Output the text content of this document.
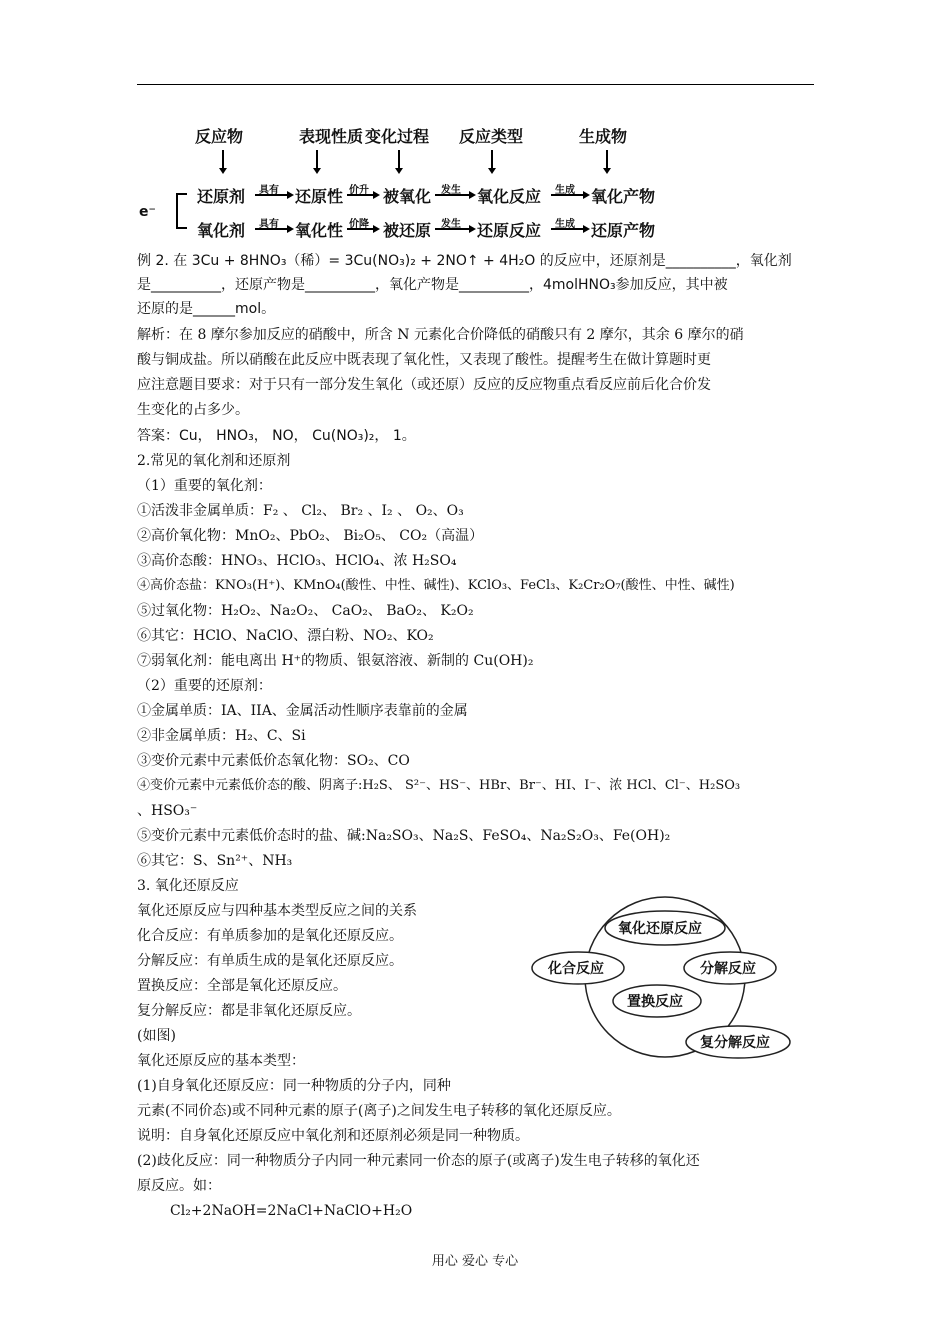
反应物	表现性质 变化过程 反应类型	生成物
e⁻
还原剂 具有 还原性 价升 被氧化 发生 氧化反应 生成 氧化产物
氧化剂 具有 氧化性 价降 被还原 发生 还原反应 生成 还原产物
例 2. 在 3Cu + 8HNO₃（稀）= 3Cu(NO₃)₂ + 2NO↑ + 4H₂O 的反应中，还原剂是__________，氧化剂
是__________，还原产物是__________，氧化产物是__________，4molHNO₃参加反应，其中被
还原的是______mol。
解析：在 8 摩尔参加反应的硝酸中，所含 N 元素化合价降低的硝酸只有 2 摩尔，其余 6 摩尔的硝
酸与铜成盐。所以硝酸在此反应中既表现了氧化性，又表现了酸性。提醒考生在做计算题时更
应注意题目要求：对于只有一部分发生氧化（或还原）反应的反应物重点看反应前后化合价发
生变化的占多少。
答案：Cu， HNO₃， NO， Cu(NO₃)₂， 1。
2.常见的氧化剂和还原剂
（1）重要的氧化剂：
①活泼非金属单质：F₂ 、 Cl₂、 Br₂ 、I₂ 、 O₂、O₃
②高价氧化物：MnO₂、PbO₂、 Bi₂O₅、 CO₂（高温）
③高价态酸：HNO₃、HClO₃、HClO₄、浓 H₂SO₄
④高价态盐：KNO₃(H⁺)、KMnO₄(酸性、中性、碱性)、KClO₃、FeCl₃、K₂Cr₂O₇(酸性、中性、碱性)
⑤过氧化物：H₂O₂、Na₂O₂、 CaO₂、 BaO₂、 K₂O₂
⑥其它：HClO、NaClO、漂白粉、NO₂、KO₂
⑦弱氧化剂：能电离出 H⁺的物质、银氨溶液、新制的 Cu(OH)₂
（2）重要的还原剂：
①金属单质：IA、IIA、金属活动性顺序表靠前的金属
②非金属单质：H₂、C、Si
③变价元素中元素低价态氧化物：SO₂、CO
④变价元素中元素低价态的酸、阴离子:H₂S、 S²⁻、HS⁻、HBr、Br⁻、HI、I⁻、浓 HCl、Cl⁻、H₂SO₃
、HSO₃⁻
⑤变价元素中元素低价态时的盐、碱:Na₂SO₃、Na₂S、FeSO₄、Na₂S₂O₃、Fe(OH)₂
⑥其它：S、Sn²⁺、NH₃
3. 氧化还原反应
氧化还原反应与四种基本类型反应之间的关系
化合反应：有单质参加的是氧化还原反应。
分解反应：有单质生成的是氧化还原反应。
置换反应：全部是氧化还原反应。
复分解反应：都是非氧化还原反应。
(如图)
氧化还原反应的基本类型：
(1)自身氧化还原反应：同一种物质的分子内，同种
元素(不同价态)或不同种元素的原子(离子)之间发生电子转移的氧化还原反应。
说明：自身氧化还原反应中氧化剂和还原剂必须是同一种物质。
(2)歧化反应：同一种物质分子内同一种元素同一价态的原子(或离子)发生电子转移的氧化还
原反应。如：
Cl₂+2NaOH=2NaCl+NaClO+H₂O
氧化还原反应
化合反应	分解反应
置换反应
复分解反应
用心 爱心 专心
